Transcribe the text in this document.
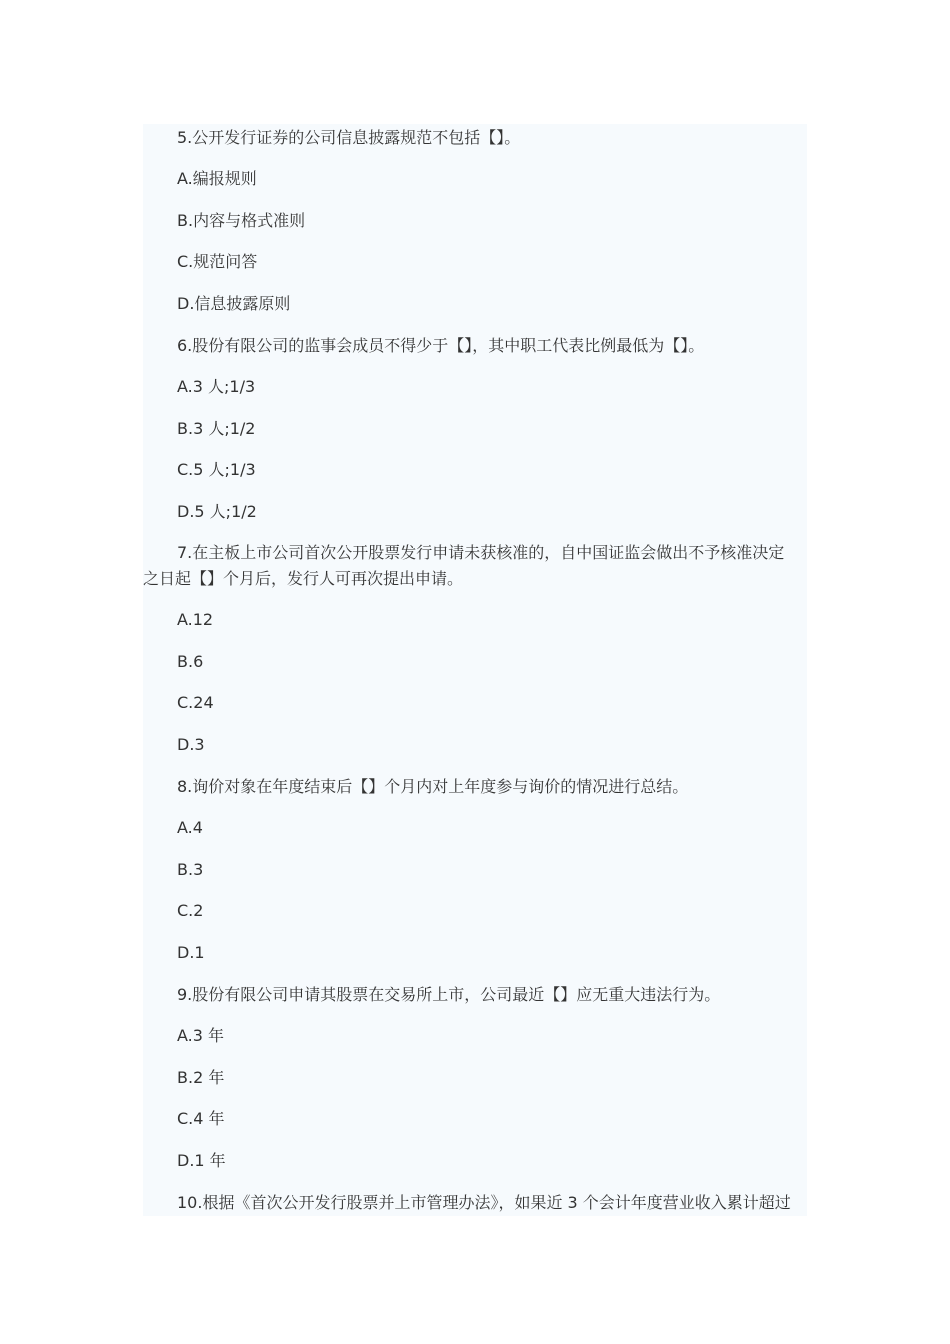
5.公开发行证券的公司信息披露规范不包括【】。
A.编报规则
B.内容与格式准则
C.规范问答
D.信息披露原则
6.股份有限公司的监事会成员不得少于【】，其中职工代表比例最低为【】。
A.3 人;1/3
B.3 人;1/2
C.5 人;1/3
D.5 人;1/2
7.在主板上市公司首次公开股票发行申请未获核准的，自中国证监会做出不予核准决定
之日起【】个月后，发行人可再次提出申请。
A.12
B.6
C.24
D.3
8.询价对象在年度结束后【】个月内对上年度参与询价的情况进行总结。
A.4
B.3
C.2
D.1
9.股份有限公司申请其股票在交易所上市，公司最近【】应无重大违法行为。
A.3 年
B.2 年
C.4 年
D.1 年
10.根据《首次公开发行股票并上市管理办法》，如果近 3 个会计年度营业收入累计超过
